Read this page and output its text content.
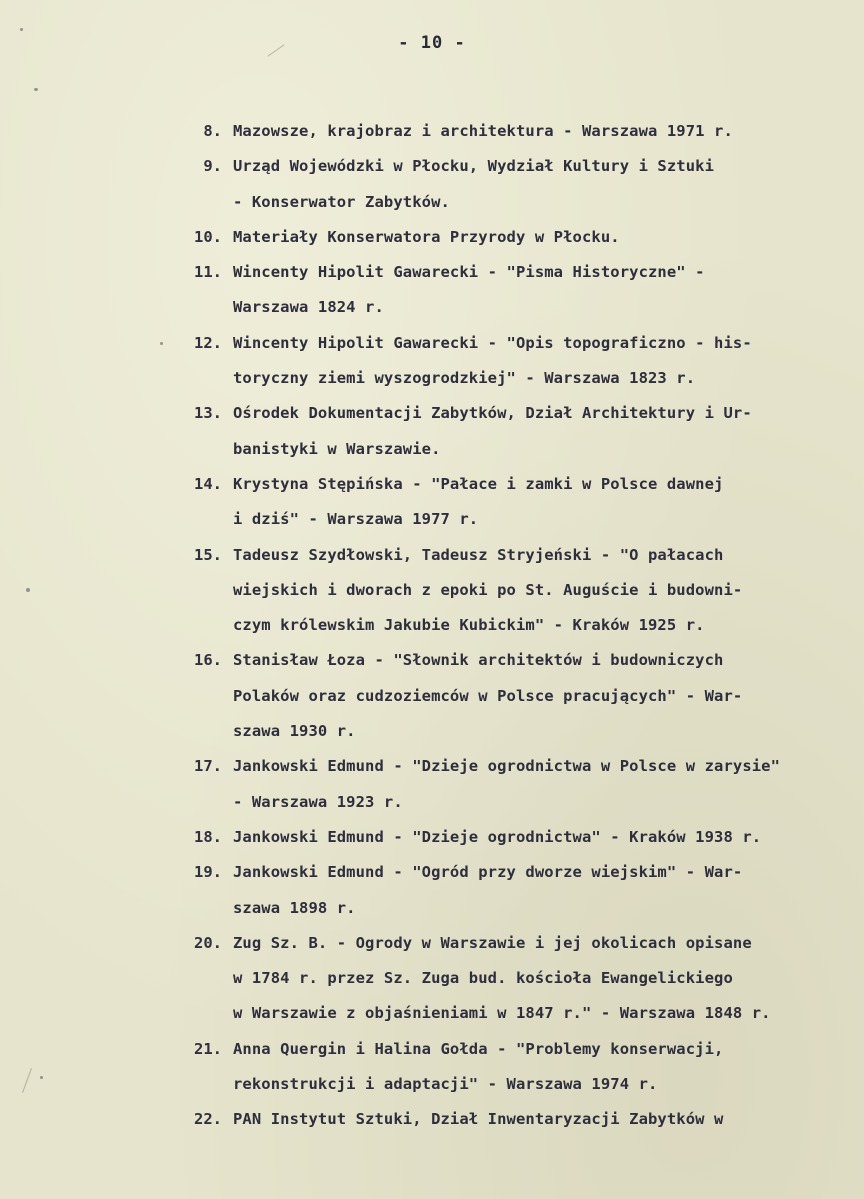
- 10 -
8. Mazowsze, krajobraz i architektura - Warszawa 1971 r.
9. Urząd Wojewódzki w Płocku, Wydział Kultury i Sztuki
- Konserwator Zabytków.
10. Materiały Konserwatora Przyrody w Płocku.
11. Wincenty Hipolit Gawarecki - "Pisma Historyczne" -
Warszawa 1824 r.
12. Wincenty Hipolit Gawarecki - "Opis topograficzno - his-
toryczny ziemi wyszogrodzkiej" - Warszawa 1823 r.
13. Ośrodek Dokumentacji Zabytków, Dział Architektury i Ur-
banistyki w Warszawie.
14. Krystyna Stępińska - "Pałace i zamki w Polsce dawnej
i dziś" - Warszawa 1977 r.
15. Tadeusz Szydłowski, Tadeusz Stryjeński - "O pałacach
wiejskich i dworach z epoki po St. Auguście i budowni-
czym królewskim Jakubie Kubickim" - Kraków 1925 r.
16. Stanisław Łoza - "Słownik architektów i budowniczych
Polaków oraz cudzoziemców w Polsce pracujących" - War-
szawa 1930 r.
17. Jankowski Edmund - "Dzieje ogrodnictwa w Polsce w zarysie"
- Warszawa 1923 r.
18. Jankowski Edmund - "Dzieje ogrodnictwa" - Kraków 1938 r.
19. Jankowski Edmund - "Ogród przy dworze wiejskim" - War-
szawa 1898 r.
20. Zug Sz. B. - Ogrody w Warszawie i jej okolicach opisane
w 1784 r. przez Sz. Zuga bud. kościoła Ewangelickiego
w Warszawie z objaśnieniami w 1847 r." - Warszawa 1848 r.
21. Anna Quergin i Halina Gołda - "Problemy konserwacji,
rekonstrukcji i adaptacji" - Warszawa 1974 r.
22. PAN Instytut Sztuki, Dział Inwentaryzacji Zabytków w
